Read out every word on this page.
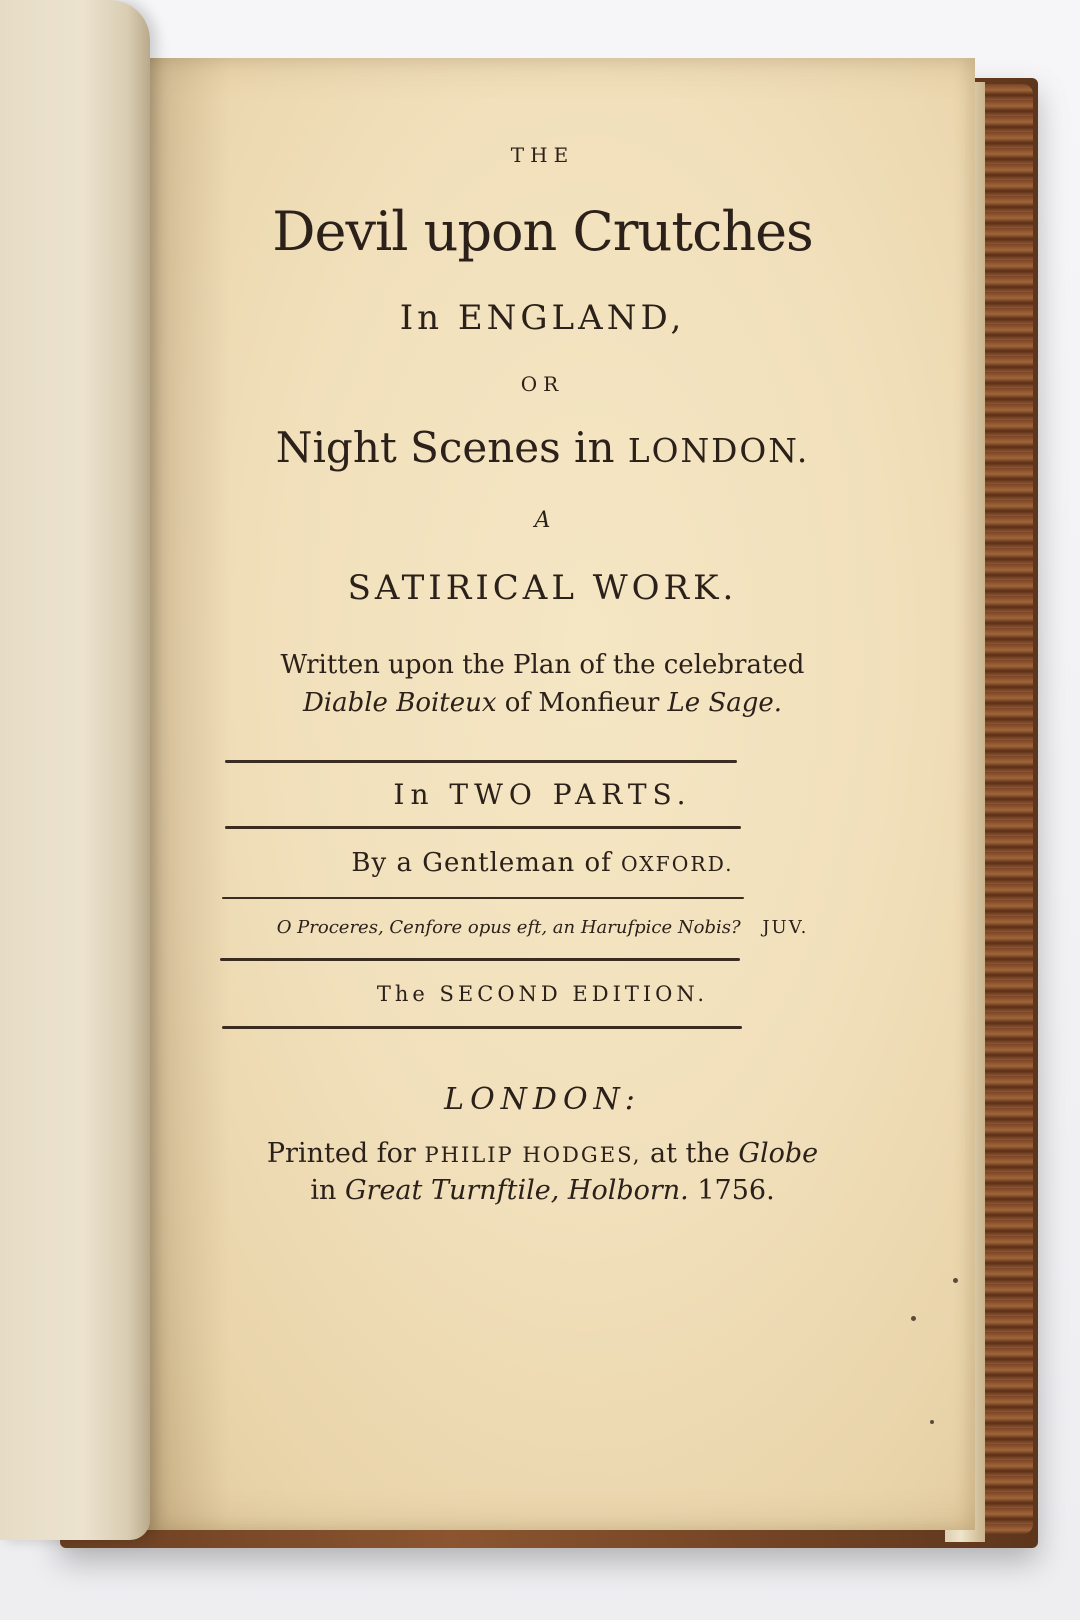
THE
Devil upon Crutches
In ENGLAND,
OR
Night Scenes in LONDON.
A
SATIRICAL WORK.
Written upon the Plan of the celebrated
Diable Boiteux of Monfieur Le Sage.
In TWO PARTS.
By a Gentleman of OXFORD.
O Proceres, Cenfore opus eft, an Harufpice Nobis? JUV.
The SECOND EDITION.
LONDON:
Printed for PHILIP HODGES, at the Globe
in Great Turnftile, Holborn. 1756.
